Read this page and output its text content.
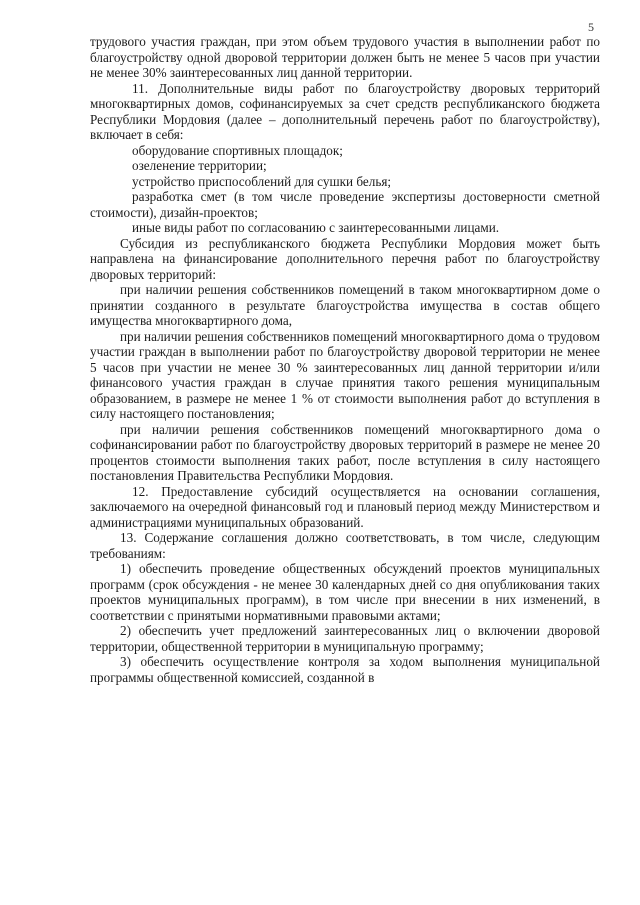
5

трудового участия граждан, при этом объем трудового участия в выполнении работ по благоустройству одной дворовой территории должен быть не менее 5 часов при участии не менее 30% заинтересованных лиц данной территории.

11. Дополнительные виды работ по благоустройству дворовых территорий многоквартирных домов, софинансируемых за счет средств республиканского бюджета Республики Мордовия (далее – дополнительный перечень работ по благоустройству), включает в себя:

оборудование спортивных площадок;

озеленение территории;

устройство приспособлений для сушки белья;

разработка смет (в том числе проведение экспертизы достоверности сметной стоимости), дизайн-проектов;

иные виды работ по согласованию с заинтересованными лицами.

Субсидия из республиканского бюджета Республики Мордовия может быть направлена на финансирование дополнительного перечня работ по благоустройству дворовых территорий:

при наличии решения собственников помещений в таком многоквартирном доме о принятии созданного в результате благоустройства имущества в состав общего имущества многоквартирного дома,

при наличии решения собственников помещений многоквартирного дома о трудовом участии граждан в выполнении работ по благоустройству дворовой территории не менее 5 часов при участии не менее 30 % заинтересованных лиц данной территории и/или финансового участия граждан в случае принятия такого решения муниципальным образованием, в размере не менее 1 % от стоимости выполнения работ до вступления в силу настоящего постановления;

при наличии решения собственников помещений многоквартирного дома о софинансировании работ по благоустройству дворовых территорий в размере не менее 20 процентов стоимости выполнения таких работ, после вступления в силу настоящего постановления Правительства Республики Мордовия.

12. Предоставление субсидий осуществляется на основании соглашения, заключаемого на очередной финансовый год и плановый период между Министерством и администрациями муниципальных образований.

13. Содержание соглашения должно соответствовать, в том числе, следующим требованиям:

1) обеспечить проведение общественных обсуждений проектов муниципальных программ (срок обсуждения - не менее 30 календарных дней со дня опубликования таких проектов муниципальных программ), в том числе при внесении в них изменений, в соответствии с принятыми нормативными правовыми актами;

2) обеспечить учет предложений заинтересованных лиц о включении дворовой территории, общественной территории в муниципальную программу;

3) обеспечить осуществление контроля за ходом выполнения муниципальной программы общественной комиссией, созданной в
